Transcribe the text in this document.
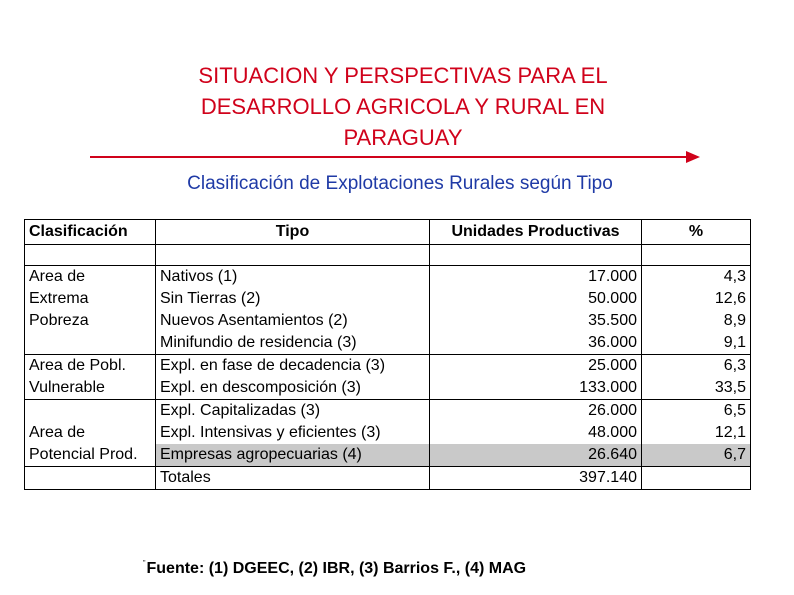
SITUACION Y PERSPECTIVAS PARA EL
DESARROLLO AGRICOLA Y RURAL EN
PARAGUAY
Clasificación de Explotaciones Rurales según Tipo
Clasificación	Tipo	Unidades Productivas	%

Area de	Nativos (1)	17.000	4,3
Extrema	Sin Tierras (2)	50.000	12,6
Pobreza	Nuevos Asentamientos (2)	35.500	8,9
	Minifundio de residencia (3)	36.000	9,1
Area de Pobl.	Expl. en fase de decadencia (3)	25.000	6,3
Vulnerable	Expl. en descomposición (3)	133.000	33,5
	Expl. Capitalizadas (3)	26.000	6,5
Area de	Expl. Intensivas y eficientes (3)	48.000	12,1
Potencial Prod.	Empresas agropecuarias (4)	26.640	6,7
	Totales	397.140	
"Fuente: (1) DGEEC, (2) IBR, (3) Barrios F., (4) MAG
